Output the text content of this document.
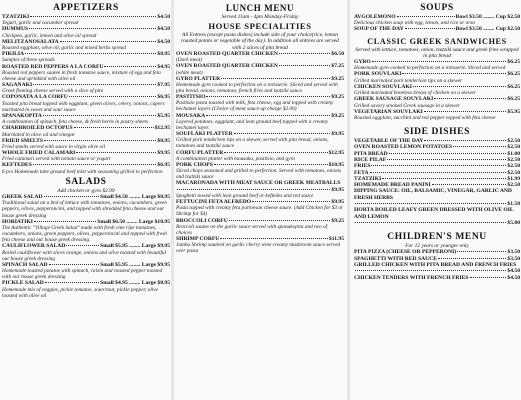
APPETIZERS
TZATZIKI	$4.50
Yogurt, garlic and cucumber spread
HUMMUS	$4.50
Chickpea, garlic, lemon and olive oil spread
MELITZANOSALATA	$4.50
Roasted eggplant, olive oil, garlic and mixed herbs spread
PIKILIA	$8.95
Samples of three spreads
ROASTED RED PEPPERS A LA CORFU	$4.95
Roasted red peppers sautee in fresh tomatoe sauce, mixture of egg and feta cheese and sprinkled with olive oil
SAGANAKI	$7.95
Greek flaming cheese served with a slice of pita
COPONATA A LA CORFU	$6.95
Toasted pita bread topped with eggplant, green olives, celery, onions, capers marinated in sweet and sour sauce
SPANAKOPITA	$5.95
A combination of spinach, feta cheese, & fresh herbs in pastry sheets
CHARBROILED OCTOPUS	$12.95
Marinated in olive oil and vinegar
FRIED SMELTS	$8.95
Fried smelts served with sauce in virgin olive oil
WHOLE FRIED CALAMARI	$9.95
Fried calamari served with tomato sauce or yogurt
KEFTEDES	$6.95
6 pcs Homemade tube ground beef mixt with seasoning grilled to perfection
SALADS
Add chicken or gyro $2.99
GREEK SALAD	Small $4.50 ........ Large $8.95
Traditional salad on a bed of lettuce with tomatoes, onions, cucumbers, green peppers, olives, pepperoncini, and topped with shredded feta cheese and our house greek dressing
HORIATIKI	Small $6.50 ........ Large $10.95
The Authentic "Village Greek Salad" made with fresh vine ripe tomatoes, cucumbers, onions, green peppers, olives, pepperoncini and topped with fresh feta cheese and our house greek dressing.
CAULIFLOWER SALAD	Small $5.95 ........ Large $9.95
Boiled cauliflower with slices orange, onions and olive toasted with beautiful our house greek dressing
SPINACH SALAD	Small $5.95 ........ Large $9.95
Homemade toasted potatoe with spinach, raisin and roasted pepper toasted with our house greek dressing
PICKLE SALAD	Small $4.95 ........ Large $8.95
Homemade mix of veggies, pickle tomatoe, sourcrout, pickle pepper, olive toasted with olive oil
LUNCH MENU
Served 11am - 4pm Monday-Friday
HOUSE SPECIALITIES
All Entrees (except pasta dishes) include side of your choice(rice, lemon roasted potato or vegetable of the day). In addition all entrees are served with 2 slices of pita bread
OVEN ROASTED QUARTER CHICKEN	$6.50
(Dark meat)
OVEN ROASTED QUARTER CHICKEN	$7.25
(white meat)
GYRO PLATTER	$9.25
Homemade gyro cooked to perfection on a rotisserie. Sliced and served with pita bread, onions, tomatoes, french fries and tzatziki sauce.
PASTITSIO	$9.25
Pastitsio pasta toasted with milk, feta cheese, egg and topped with creamy bechamel layers (Choice of meat sauce up charge $2.00)
MOUSAKA	$9.25
Layered potatoes, eggplant, and lean ground beef topped with a creamy bechamel layer.
SOUFLÁKI PLATTER	$9.95
Grilled pork tenderloin tips on a skewer, served with pita bread, onions, tomatoes and tzatziki sauce
CORFU PLATTER	$12.95
A combination platter with mousaka, pastitsio, and gyro
PORK CHOPS	$10.95
Sliced chops seasoned and grilled to perfection. Served with tomatoes, onions and tzatziki sauce
MACARONADA WITH MEAT SAUCE OR GREEK MEATBALLS
$9.95
Spaghetti tossed with lean ground beef or keftedes and red sauce
FETTUCINI FETA ALFREDO	$9.95
Pasta topped with creamy feta parmesan cheese sauce. (Add Chicken for $3 or Shrimp for $4)
BROCCOLI CORFU	$9.25
Broccoli sautee on the garlic sauce served with spanakopita and two of choices
SHRIMP CORFU	$11.95
Jumbo Shrimp sautéed on garlic cherry wine creamy mushroom sauce served over pasta
SOUPS
AVGOLEMONO	Bowl $3.50 ........ Cup $2.50
Delicious chicken soup with egg, lemon, and rice or orzo
SOUP OF THE DAY	Bowl $3.50 ........ Cup $2.50
CLASSIC GREEK SANDWICHES
Served with lettuce, tomatoes, onion, tzatziki sauce and greek fries wrapped in pita bread
GYRO	$6.25
Homemade gyro cooked to perfection on a rotisserie. Sliced and served
PORK SOUVLAKI	$6.25
Grilled marinated pork tenderloin tips on a skewer
CHICKEN SOUVLAKI	$6.25
Grilled marinated boneless breast of chicken on a skewer
GREEK SAUSAGE SOUVLAKI	$6.25
Grilled savory smoked Greek sausage in a skewer
VEGETARIAN SOUVLAKI	$5.95
Roasted eggplant, zucchini and red pepper topped with feta cheese
SIDE DISHES
VEGETABLE OF THE DAY	$2.50
OVEN ROASTED LEMON POTATOES	$2.50
PITA BREAD	$1.00
RICE PILAF	$2.50
FRIES	$2.50
FETA	$2.50
TZATZIKI	$1.99
HOMEMADE BREAD PANINI	$2.50
DIPPING SAUCE: OIL, BALSAMIC, VINEGAR, GARLIC AND FRESH HERBS
$1.50
HORTA BOILED LEAFY GREEN DRESSED WITH OLIVE OIL AND LEMON
$5.00
CHILDREN'S MENU
For 12 years or younger only
PITA PIZZA (CHEESE OR PEPPERONI)	$3.50
SPAGHETTI WITH RED SAUCE	$3.50
GRILLED CHICKEN WITH PITA BREAD AND FRENCH FRIES
$4.50
CHICKEN TENDERS WITH FRENCH FRIES	$4.50
